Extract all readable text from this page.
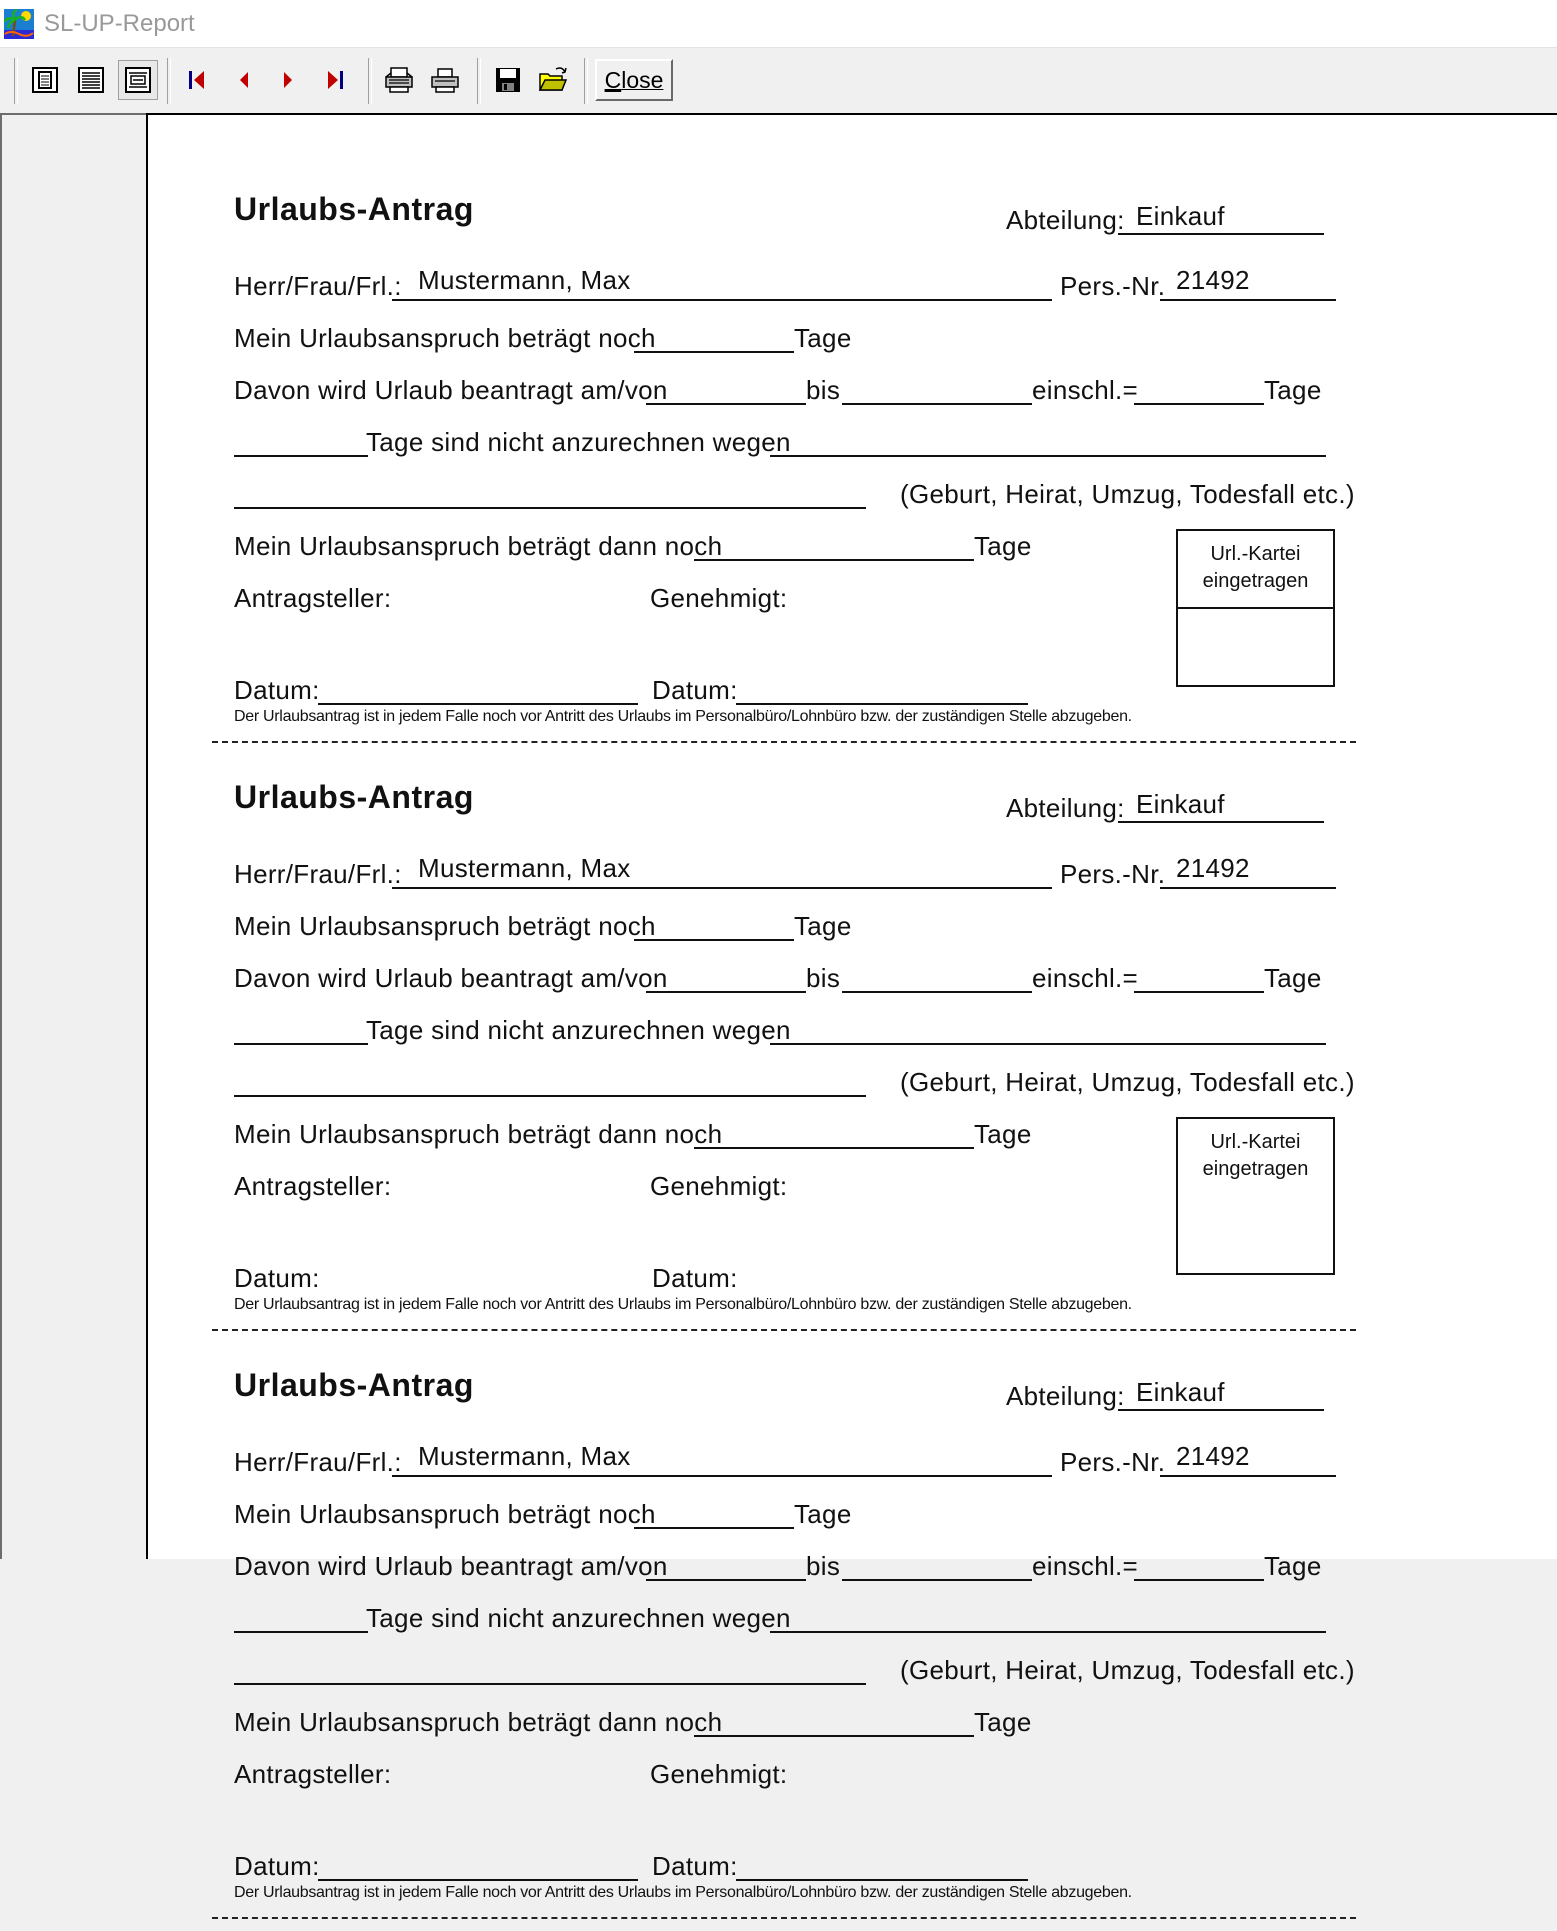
SL-UP-Report
Close
Urlaubs-Antrag	Abteilung: Einkauf
Herr/Frau/Frl.: Mustermann, Max	Pers.-Nr. 21492
Mein Urlaubsanspruch beträgt noch	Tage
Davon wird Urlaub beantragt am/von	bis	einschl.=	Tage
Tage sind nicht anzurechnen wegen
(Geburt, Heirat, Umzug, Todesfall etc.)
Mein Urlaubsanspruch beträgt dann noch	Tage
Antragsteller:	Genehmigt:
Datum:	Datum:
Der Urlaubsantrag ist in jedem Falle noch vor Antritt des Urlaubs im Personalbüro/Lohnbüro bzw. der zuständigen Stelle abzugeben.
Url.-Kartei
eingetragen
Urlaubs-Antrag	Abteilung: Einkauf
Herr/Frau/Frl.: Mustermann, Max	Pers.-Nr. 21492
Mein Urlaubsanspruch beträgt noch	Tage
Davon wird Urlaub beantragt am/von	bis	einschl.=	Tage
Tage sind nicht anzurechnen wegen
(Geburt, Heirat, Umzug, Todesfall etc.)
Mein Urlaubsanspruch beträgt dann noch	Tage
Antragsteller:	Genehmigt:
Datum:	Datum:
Der Urlaubsantrag ist in jedem Falle noch vor Antritt des Urlaubs im Personalbüro/Lohnbüro bzw. der zuständigen Stelle abzugeben.
Url.-Kartei
eingetragen
Urlaubs-Antrag	Abteilung: Einkauf
Herr/Frau/Frl.: Mustermann, Max	Pers.-Nr. 21492
Mein Urlaubsanspruch beträgt noch	Tage
Davon wird Urlaub beantragt am/von	bis	einschl.=	Tage
Tage sind nicht anzurechnen wegen
(Geburt, Heirat, Umzug, Todesfall etc.)
Mein Urlaubsanspruch beträgt dann noch	Tage
Antragsteller:	Genehmigt:
Datum:	Datum:
Der Urlaubsantrag ist in jedem Falle noch vor Antritt des Urlaubs im Personalbüro/Lohnbüro bzw. der zuständigen Stelle abzugeben.
